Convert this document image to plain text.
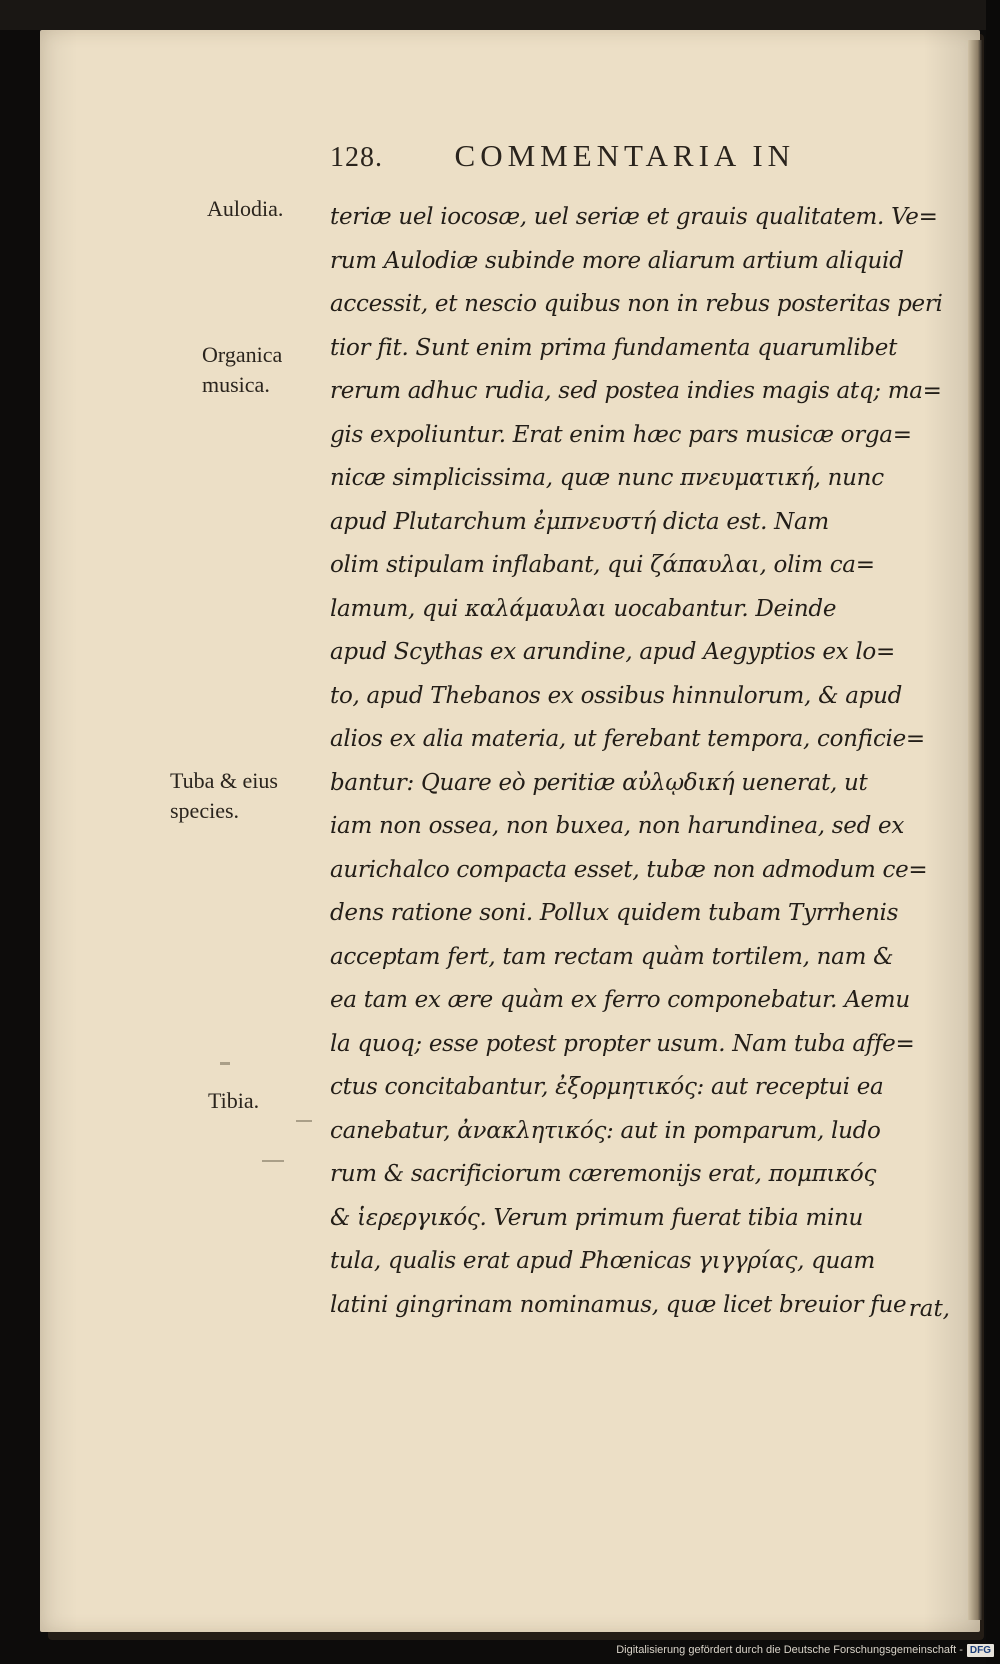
128. COMMENTARIA IN
Aulodia.
Organica
musica.
Tuba & eius
species.
Tibia.
teriæ uel iocosæ, uel seriæ et grauis qualitatem. Ve=
rum Aulodiæ subinde more aliarum artium aliquid
accessit, et nescio quibus non in rebus posteritas peri
tior fit. Sunt enim prima fundamenta quarumlibet
rerum adhuc rudia, sed postea indies magis atq; ma=
gis expoliuntur. Erat enim hæc pars musicæ orga=
nicæ simplicissima, quæ nunc πνευματική, nunc
apud Plutarchum ἐμπνευστή dicta est. Nam
olim stipulam inflabant, qui ζάπαυλαι, olim ca=
lamum, qui καλάμαυλαι uocabantur. Deinde
apud Scythas ex arundine, apud Aegyptios ex lo=
to, apud Thebanos ex ossibus hinnulorum, & apud
alios ex alia materia, ut ferebant tempora, conficie=
bantur: Quare eò peritiæ αὐλῳδική uenerat, ut
iam non ossea, non buxea, non harundinea, sed ex
aurichalco compacta esset, tubæ non admodum ce=
dens ratione soni. Pollux quidem tubam Tyrrhenis
acceptam fert, tam rectam quàm tortilem, nam &
ea tam ex ære quàm ex ferro componebatur. Aemu
la quoq; esse potest propter usum. Nam tuba affe=
ctus concitabantur, ἐξορμητικός: aut receptui ea
canebatur, ἀνακλητικός: aut in pomparum, ludo
rum & sacrificiorum cæremonijs erat, πομπικός
& ἱερεργικός. Verum primum fuerat tibia minu
tula, qualis erat apud Phœnicas γιγγρίας, quam
latini gingrinam nominamus, quæ licet breuior fue rat,
Digitalisierung gefördert durch die Deutsche Forschungsgemeinschaft - DFG
